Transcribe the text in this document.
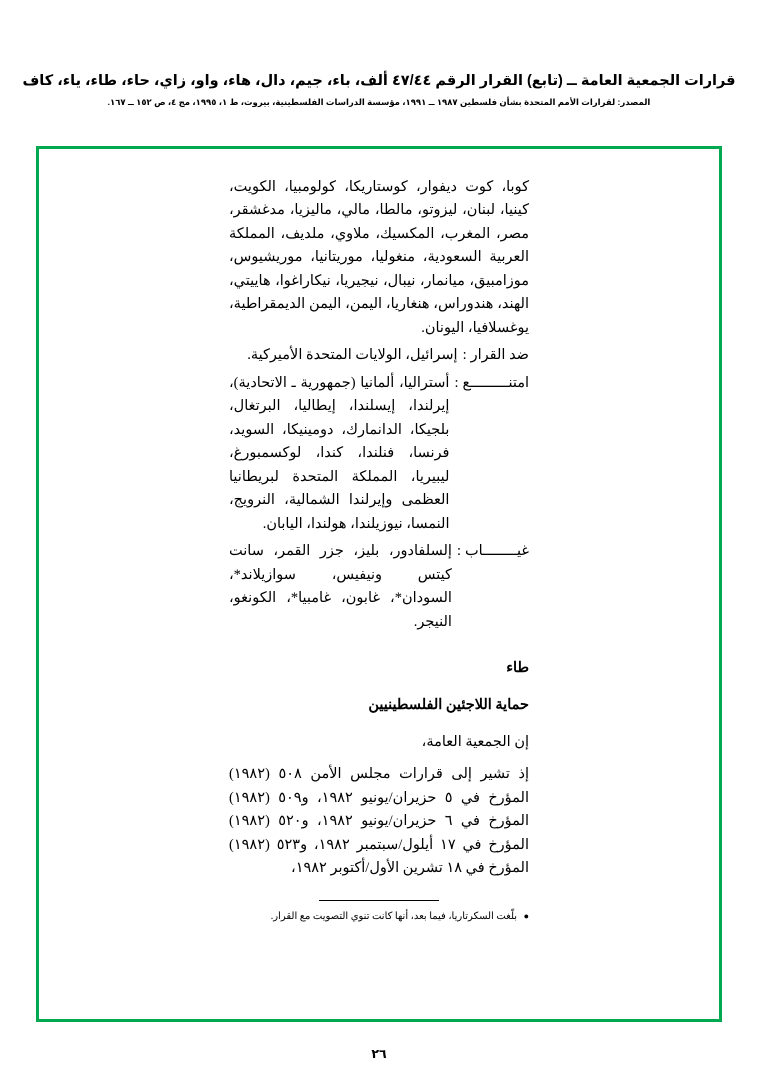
قرارات الجمعية العامة ــ (تابع) القرار الرقم ٤٧/٤٤ ألف، باء، جيم، دال، هاء، واو، زاي، حاء، طاء، ياء، كاف
المصدر: لقرارات الأمم المتحدة بشأن فلسطين ١٩٨٧ ــ ١٩٩١، مؤسسة الدراسات الفلسطينية، بيروت، ط ١، ١٩٩٥، مج ٤، ص ١٥٢ ــ ١٦٧.

كوبا، كوت ديفوار، كوستاريكا، كولومبيا، الكويت، كينيا، لبنان، ليزوتو، مالطا، مالي، ماليزيا، مدغشقر، مصر، المغرب، المكسيك، ملاوي، ملديف، المملكة العربية السعودية، منغوليا، موريتانيا، موريشيوس، موزامبيق، ميانمار، نيبال، نيجيريا، نيكاراغوا، هاييتي، الهند، هندوراس، هنغاريا، اليمن، اليمن الديمقراطية، يوغسلافيا، اليونان.

ضد القرار
:
إسرائيل، الولايات المتحدة الأميركية.
امتنـــــــــع
:
أستراليا، ألمانيا (جمهورية ـ الاتحادية)، إيرلندا، إيسلندا، إيطاليا، البرتغال، بلجيكا، الدانمارك، دومينيكا، السويد، فرنسا، فنلندا، كندا، لوكسمبورغ، ليبيريا، المملكة المتحدة لبريطانيا العظمى وإيرلندا الشمالية، النرويج، النمسا، نيوزيلندا، هولندا، اليابان.
غيــــــــاب
:
إلسلفادور، بليز، جزر القمر، سانت كيتس ونيفيس، سوازيلاند*، السودان*، غابون، غامبيا*، الكونغو، النيجر.
طاء
حماية اللاجئين الفلسطينيين
إن الجمعية العامة،
إذ تشير إلى قرارات مجلس الأمن ٥٠٨ (١٩٨٢) المؤرخ في ٥ حزيران/يونيو ١٩٨٢، و٥٠٩ (١٩٨٢) المؤرخ في ٦ حزيران/يونيو ١٩٨٢، و٥٢٠ (١٩٨٢) المؤرخ في ١٧ أيلول/سبتمبر ١٩٨٢، و٥٢٣ (١٩٨٢) المؤرخ في ١٨ تشرين الأول/أكتوبر ١٩٨٢،
● بلّغت السكرتاريا، فيما بعد، أنها كانت تنوي التصويت مع القرار.
٢٦
